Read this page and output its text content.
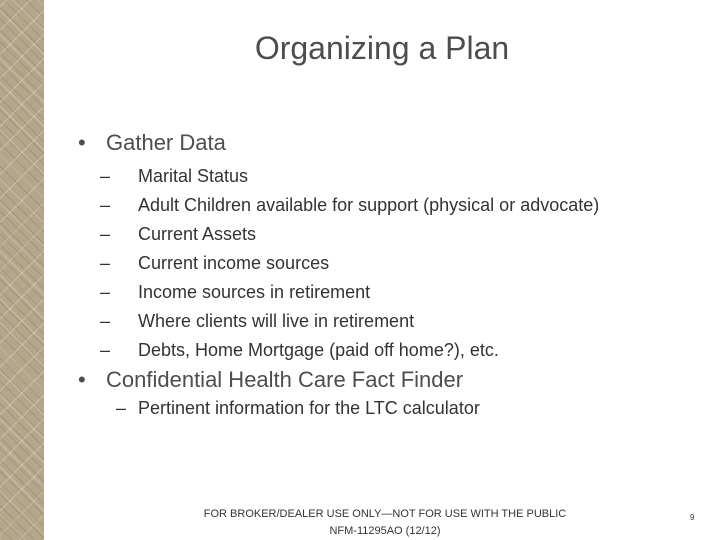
Organizing a Plan
• Gather Data
– Marital Status
– Adult Children available for support (physical or advocate)
– Current Assets
– Current income sources
– Income sources in retirement
– Where clients will live in retirement
– Debts, Home Mortgage (paid off home?), etc.
• Confidential Health Care Fact Finder
– Pertinent information for the LTC calculator
FOR BROKER/DEALER USE ONLY—NOT FOR USE WITH THE PUBLIC
NFM-11295AO (12/12)
9
